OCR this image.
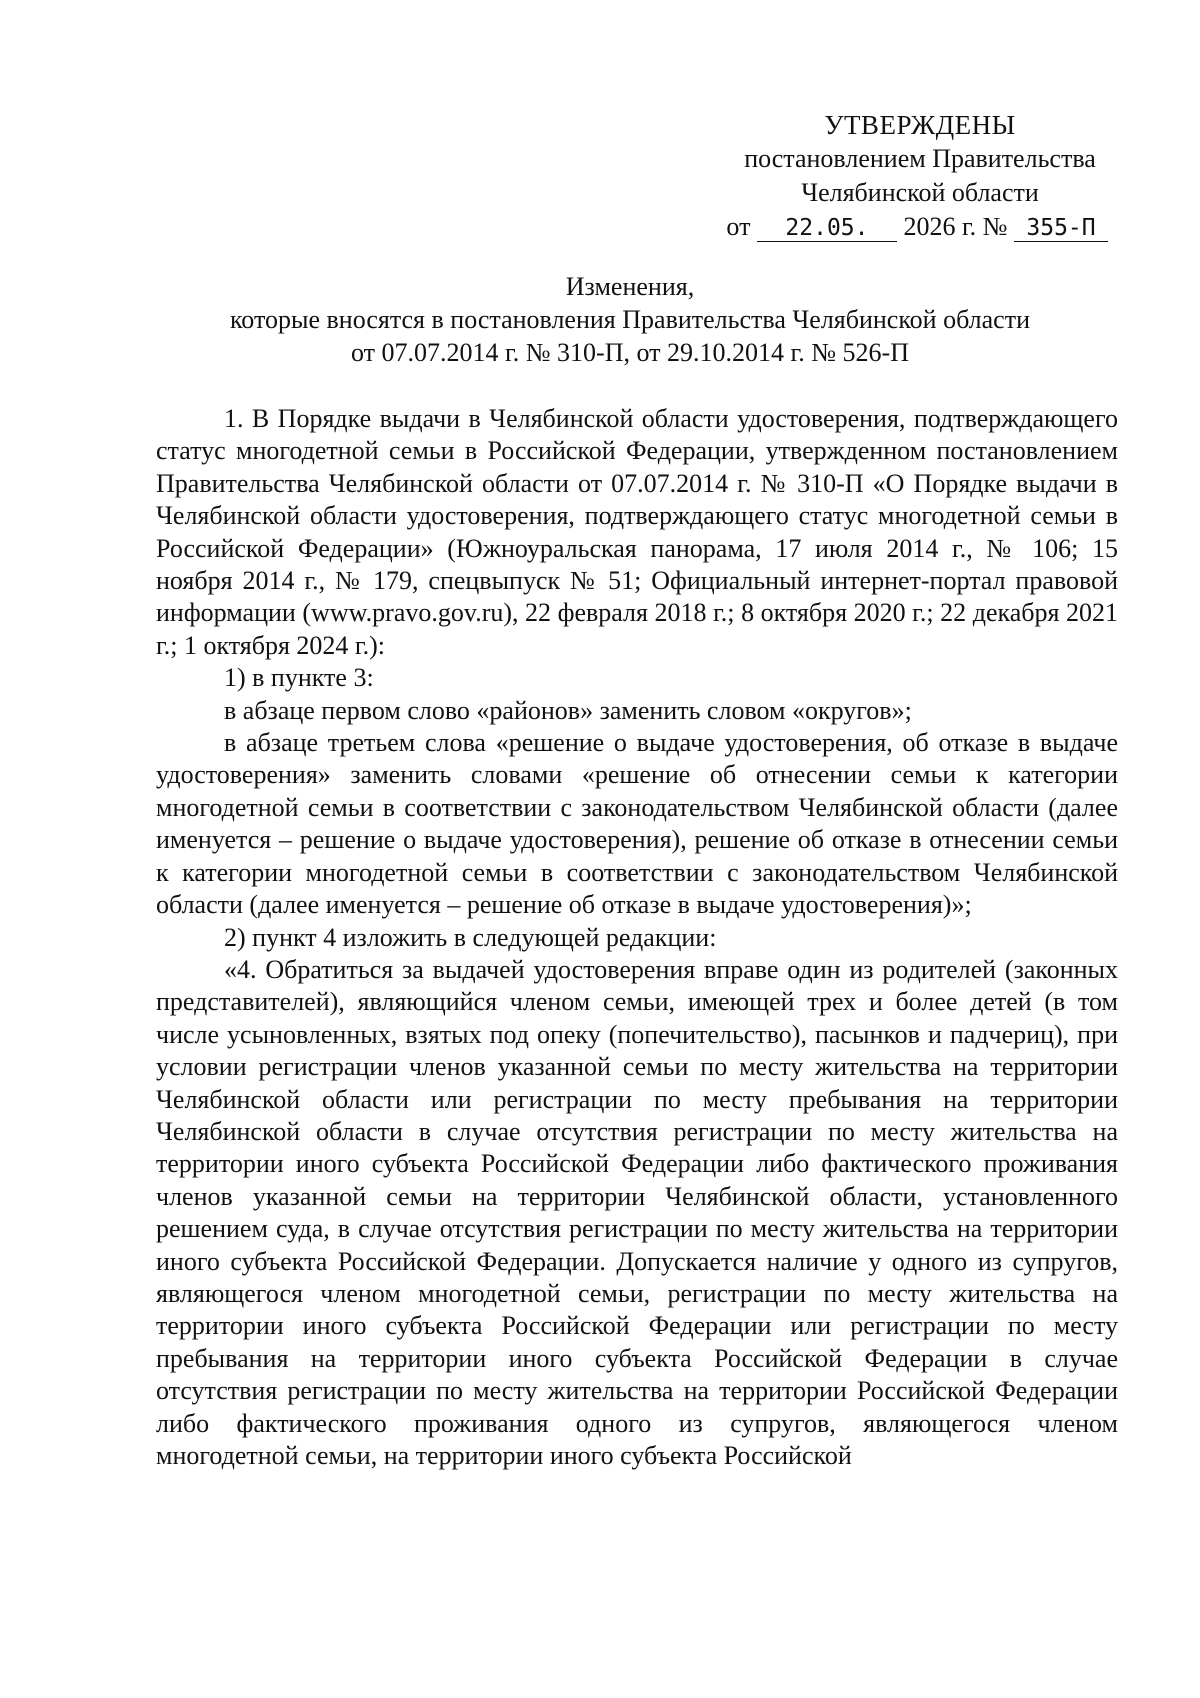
УТВЕРЖДЕНЫ
постановлением Правительства
Челябинской области
от 22.05. 2026 г. № 355-П
Изменения,
которые вносятся в постановления Правительства Челябинской области
от 07.07.2014 г. № 310-П, от 29.10.2014 г. № 526-П

1. В Порядке выдачи в Челябинской области удостоверения, подтверждающего статус многодетной семьи в Российской Федерации, утвержденном постановлением Правительства Челябинской области от 07.07.2014 г. № 310-П «О Порядке выдачи в Челябинской области удостоверения, подтверждающего статус многодетной семьи в Российской Федерации» (Южноуральская панорама, 17 июля 2014 г., № 106; 15 ноября 2014 г., № 179, спецвыпуск № 51; Официальный интернет-портал правовой информации (www.pravo.gov.ru), 22 февраля 2018 г.; 8 октября 2020 г.; 22 декабря 2021 г.; 1 октября 2024 г.):

1) в пункте 3:

в абзаце первом слово «районов» заменить словом «округов»;

в абзаце третьем слова «решение о выдаче удостоверения, об отказе в выдаче удостоверения» заменить словами «решение об отнесении семьи к категории многодетной семьи в соответствии с законодательством Челябинской области (далее именуется – решение о выдаче удостоверения), решение об отказе в отнесении семьи к категории многодетной семьи в соответствии с законодательством Челябинской области (далее именуется – решение об отказе в выдаче удостоверения)»;

2) пункт 4 изложить в следующей редакции:

«4. Обратиться за выдачей удостоверения вправе один из родителей (законных представителей), являющийся членом семьи, имеющей трех и более детей (в том числе усыновленных, взятых под опеку (попечительство), пасынков и падчериц), при условии регистрации членов указанной семьи по месту жительства на территории Челябинской области или регистрации по месту пребывания на территории Челябинской области в случае отсутствия регистрации по месту жительства на территории иного субъекта Российской Федерации либо фактического проживания членов указанной семьи на территории Челябинской области, установленного решением суда, в случае отсутствия регистрации по месту жительства на территории иного субъекта Российской Федерации. Допускается наличие у одного из супругов, являющегося членом многодетной семьи, регистрации по месту жительства на территории иного субъекта Российской Федерации или регистрации по месту пребывания на территории иного субъекта Российской Федерации в случае отсутствия регистрации по месту жительства на территории Российской Федерации либо фактического проживания одного из супругов, являющегося членом многодетной семьи, на территории иного субъекта Российской
